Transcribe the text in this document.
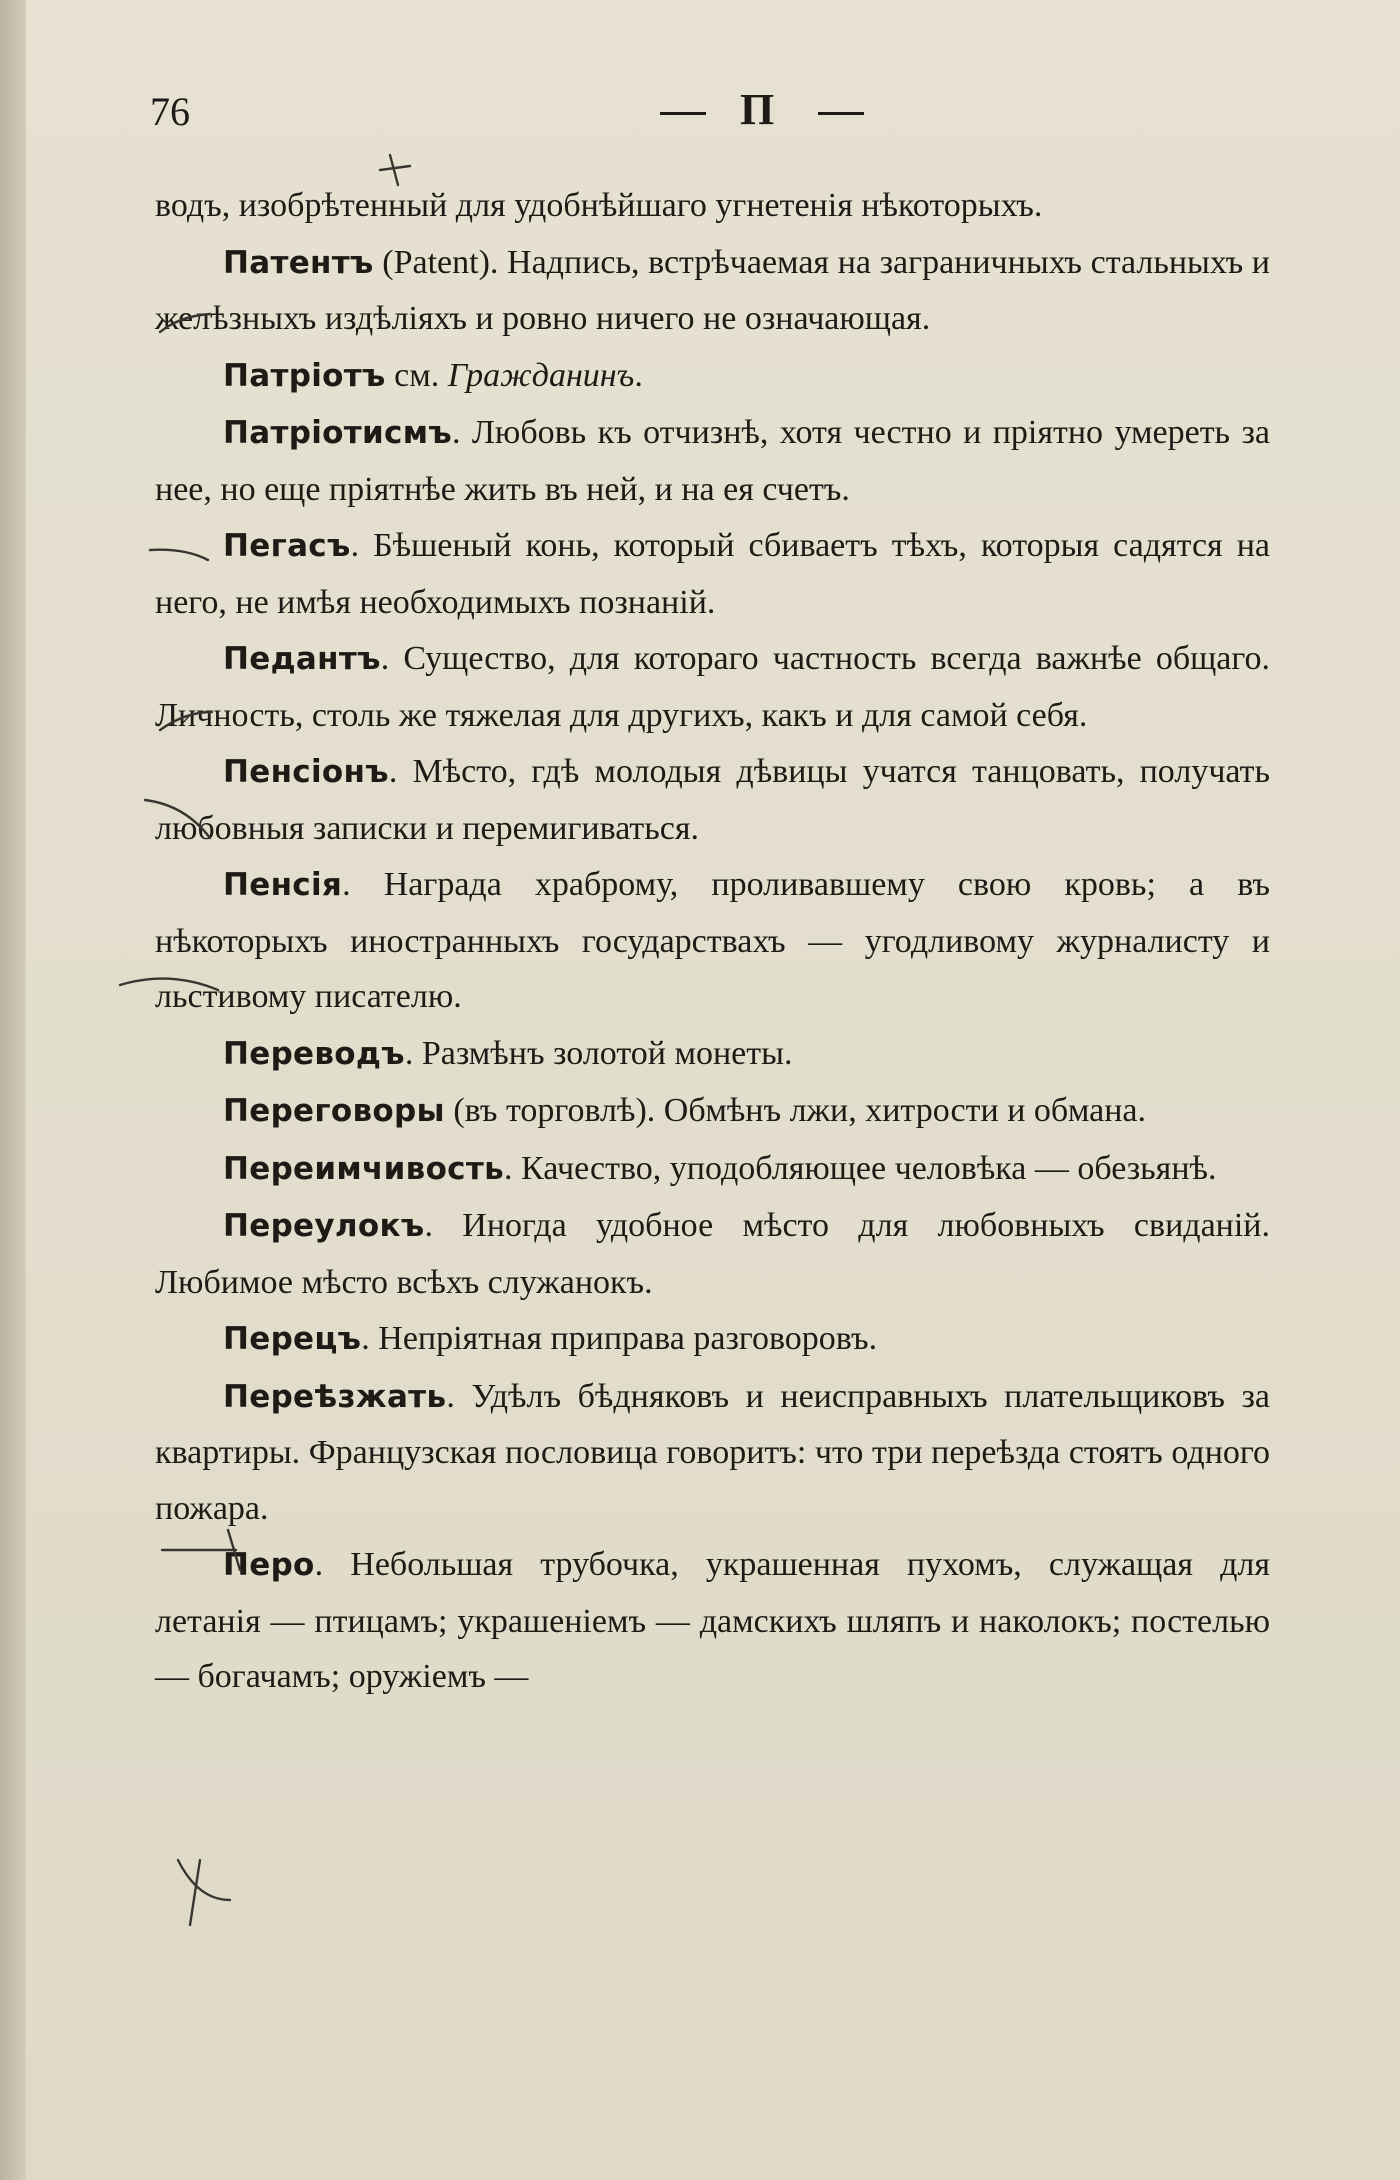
76	П

водъ, изобрѣтенный для удобнѣйшаго угнетенія нѣкоторыхъ.

Патентъ (Patent). Надпись, встрѣчаемая на заграничныхъ стальныхъ и желѣзныхъ издѣліяхъ и ровно ничего не означающая.

Патріотъ см. Гражданинъ.

Патріотисмъ. Любовь къ отчизнѣ, хотя честно и пріятно умереть за нее, но еще пріятнѣе жить въ ней, и на ея счетъ.

Пегасъ. Бѣшеный конь, который сбиваетъ тѣхъ, которыя садятся на него, не имѣя необходимыхъ познаній.

Педантъ. Существо, для котораго частность всегда важнѣе общаго. Личность, столь же тяжелая для другихъ, какъ и для самой себя.

Пенсіонъ. Мѣсто, гдѣ молодыя дѣвицы учатся танцовать, получать любовныя записки и перемигиваться.

Пенсія. Награда храброму, проливавшему свою кровь; а въ нѣкоторыхъ иностранныхъ государствахъ — угодливому журналисту и льстивому писателю.

Переводъ. Размѣнъ золотой монеты.

Переговоры (въ торговлѣ). Обмѣнъ лжи, хитрости и обмана.

Переимчивость. Качество, уподобляющее человѣка — обезьянѣ.

Переулокъ. Иногда удобное мѣсто для любовныхъ свиданій. Любимое мѣсто всѣхъ служанокъ.

Перецъ. Непріятная приправа разговоровъ.

Переѣзжать. Удѣлъ бѣдняковъ и неисправныхъ плательщиковъ за квартиры. Французская пословица говоритъ: что три переѣзда стоятъ одного пожара.

Перо. Небольшая трубочка, украшенная пухомъ, служащая для летанія — птицамъ; украшеніемъ — дамскихъ шляпъ и наколокъ; постелью — богачамъ; оружіемъ —
